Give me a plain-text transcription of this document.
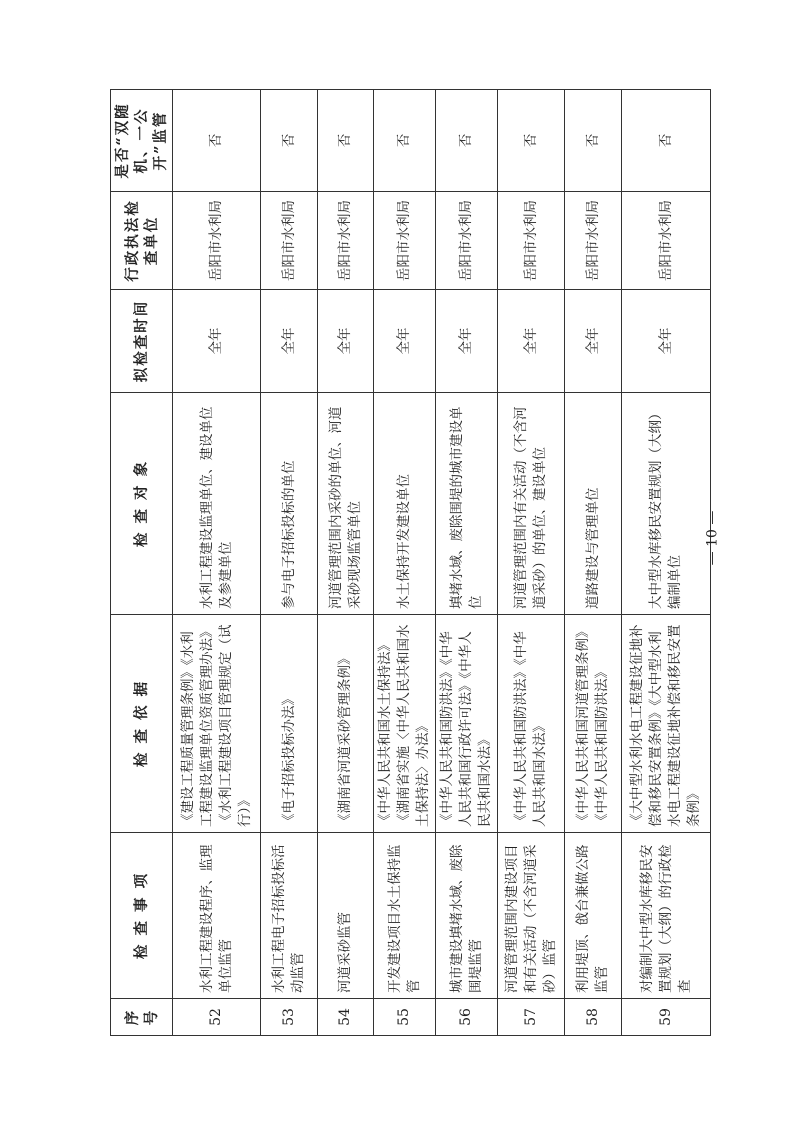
序号	检 查 事 项	检 查 依 据	检 查 对 象	拟检查时间	行政执法检查单位	是否“双随机、一公开”监管
52	水利工程建设程序、监理单位监管	《建设工程质量管理条例》《水利工程建设监理单位资质管理办法》《水利工程建设项目管理规定（试行）》	水利工程建设监理单位、建设单位及参建单位	全年	岳阳市水利局	否
53	水利工程电子招标投标活动监管	《电子招标投标办法》	参与电子招标投标的单位	全年	岳阳市水利局	否
54	河道采砂监管	《湖南省河道采砂管理条例》	河道管理范围内采砂的单位、河道采砂现场监管单位	全年	岳阳市水利局	否
55	开发建设项目水土保持监管	《中华人民共和国水土保持法》《湖南省实施〈中华人民共和国水土保持法〉办法》	水土保持开发建设单位	全年	岳阳市水利局	否
56	城市建设填堵水域、废除围堤监管	《中华人民共和国防洪法》《中华人民共和国行政许可法》《中华人民共和国水法》	填堵水域、废除围堤的城市建设单位	全年	岳阳市水利局	否
57	河道管理范围内建设项目和有关活动（不含河道采砂）监管	《中华人民共和国防洪法》《中华人民共和国水法》	河道管理范围内有关活动（不含河道采砂）的单位、建设单位	全年	岳阳市水利局	否
58	利用堤顶、戗台兼做公路监管	《中华人民共和国河道管理条例》《中华人民共和国防洪法》	道路建设与管理单位	全年	岳阳市水利局	否
59	对编制大中型水库移民安置规划（大纲）的行政检查	《大中型水利水电工程建设征地补偿和移民安置条例》《大中型水利水电工程建设征地补偿和移民安置条例》	大中型水库移民安置规划（大纲）编制单位	全年	岳阳市水利局	否
— 10 —
